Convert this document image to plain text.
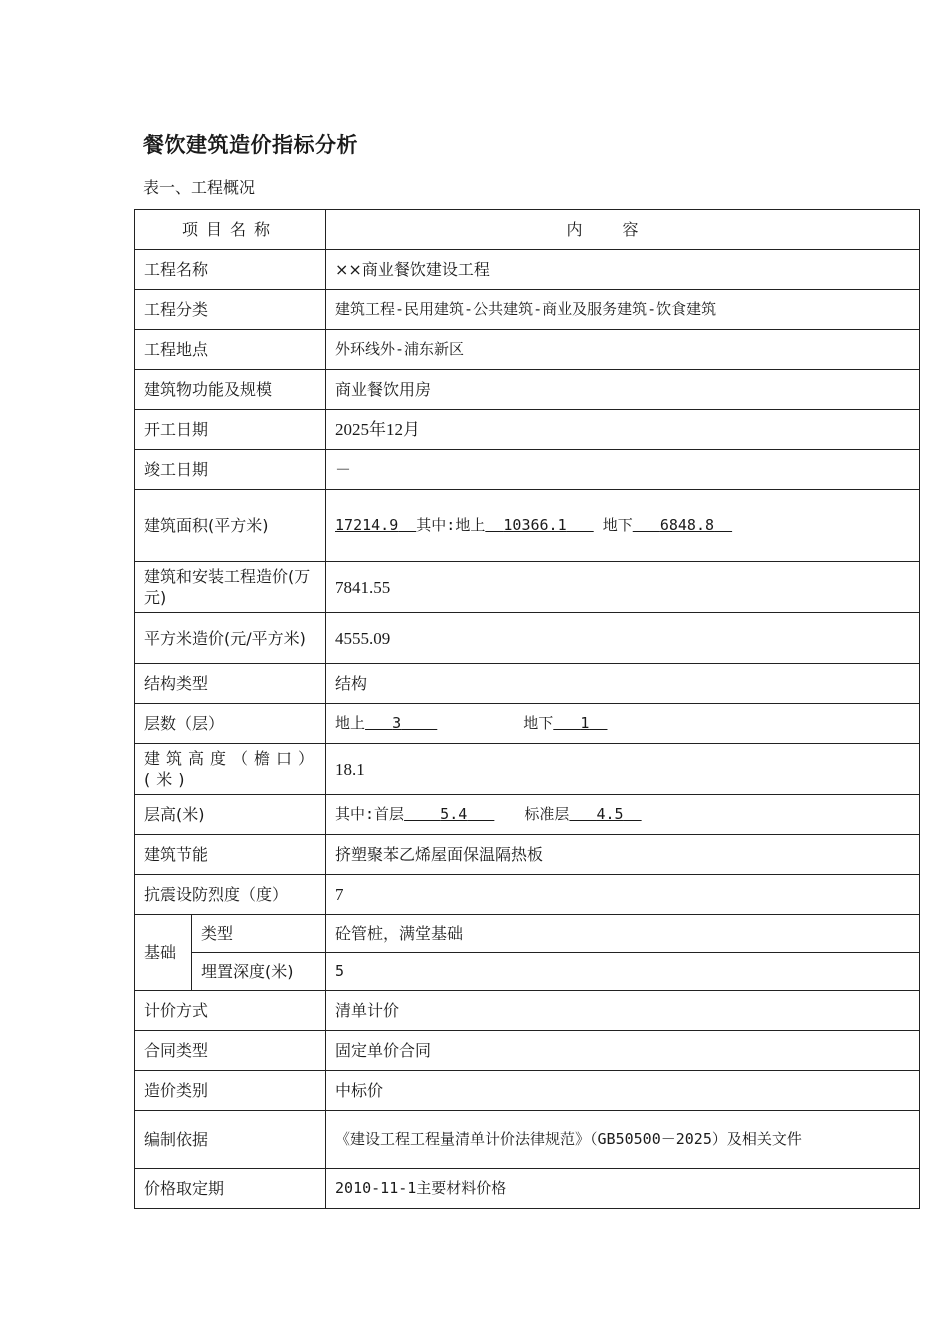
餐饮建筑造价指标分析

表一、工程概况

项目名称		内容
工程名称		××商业餐饮建设工程
工程分类		建筑工程-民用建筑-公共建筑-商业及服务建筑-饮食建筑
工程地点		外环线外-浦东新区
建筑物功能及规模		商业餐饮用房
开工日期		2025年12月
竣工日期		－
建筑面积(平方米)		17214.9 其中:地上 10366.1 地下 6848.8
建筑和安装工程造价(万元)		7841.55
平方米造价(元/平方米)		4555.09
结构类型		结构
层数（层）		地上 3 地下 1
建筑高度（檐口）(米)		18.1
层高(米)		其中:首层 5.4 标准层 4.5
建筑节能		挤塑聚苯乙烯屋面保温隔热板
抗震设防烈度（度）		7
基础	类型	砼管桩，满堂基础
	埋置深度(米)	5
计价方式		清单计价
合同类型		固定单价合同
造价类别		中标价
编制依据		《建设工程工程量清单计价法律规范》（GB50500－2025）及相关文件
价格取定期		2010-11-1主要材料价格
